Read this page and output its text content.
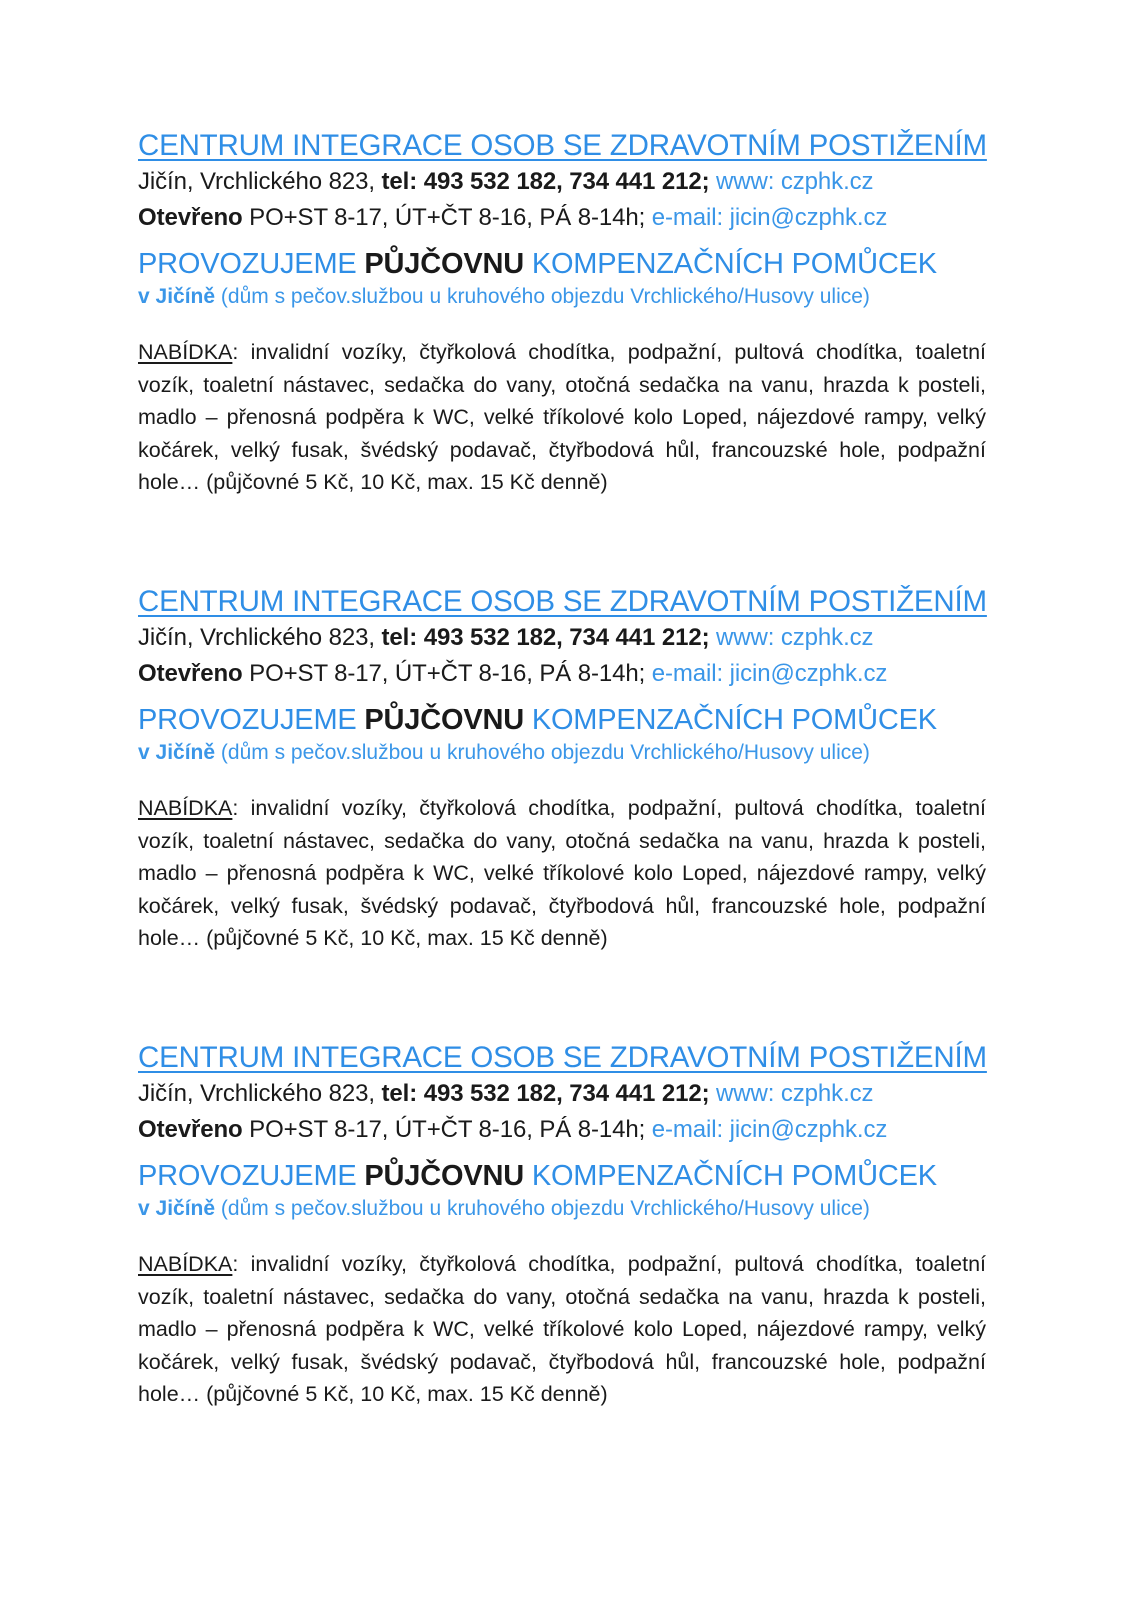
CENTRUM INTEGRACE OSOB SE ZDRAVOTNÍM POSTIŽENÍM
Jičín, Vrchlického 823, tel: 493 532 182, 734 441 212; www: czphk.cz
Otevřeno PO+ST 8-17, ÚT+ČT 8-16, PÁ 8-14h; e-mail: jicin@czphk.cz
PROVOZUJEME PŮJČOVNU KOMPENZAČNÍCH POMŮCEK
v Jičíně (dům s pečov.službou u kruhového objezdu Vrchlického/Husovy ulice)
NABÍDKA: invalidní vozíky, čtyřkolová chodítka, podpažní, pultová chodítka, toaletní vozík, toaletní nástavec, sedačka do vany, otočná sedačka na vanu, hrazda k posteli, madlo – přenosná podpěra k WC, velké tříkolové kolo Loped, nájezdové rampy, velký kočárek, velký fusak, švédský podavač, čtyřbodová hůl, francouzské hole, podpažní hole… (půjčovné 5 Kč, 10 Kč, max. 15 Kč denně)
CENTRUM INTEGRACE OSOB SE ZDRAVOTNÍM POSTIŽENÍM
Jičín, Vrchlického 823, tel: 493 532 182, 734 441 212; www: czphk.cz
Otevřeno PO+ST 8-17, ÚT+ČT 8-16, PÁ 8-14h; e-mail: jicin@czphk.cz
PROVOZUJEME PŮJČOVNU KOMPENZAČNÍCH POMŮCEK
v Jičíně (dům s pečov.službou u kruhového objezdu Vrchlického/Husovy ulice)
NABÍDKA: invalidní vozíky, čtyřkolová chodítka, podpažní, pultová chodítka, toaletní vozík, toaletní nástavec, sedačka do vany, otočná sedačka na vanu, hrazda k posteli, madlo – přenosná podpěra k WC, velké tříkolové kolo Loped, nájezdové rampy, velký kočárek, velký fusak, švédský podavač, čtyřbodová hůl, francouzské hole, podpažní hole… (půjčovné 5 Kč, 10 Kč, max. 15 Kč denně)
CENTRUM INTEGRACE OSOB SE ZDRAVOTNÍM POSTIŽENÍM
Jičín, Vrchlického 823, tel: 493 532 182, 734 441 212; www: czphk.cz
Otevřeno PO+ST 8-17, ÚT+ČT 8-16, PÁ 8-14h; e-mail: jicin@czphk.cz
PROVOZUJEME PŮJČOVNU KOMPENZAČNÍCH POMŮCEK
v Jičíně (dům s pečov.službou u kruhového objezdu Vrchlického/Husovy ulice)
NABÍDKA: invalidní vozíky, čtyřkolová chodítka, podpažní, pultová chodítka, toaletní vozík, toaletní nástavec, sedačka do vany, otočná sedačka na vanu, hrazda k posteli, madlo – přenosná podpěra k WC, velké tříkolové kolo Loped, nájezdové rampy, velký kočárek, velký fusak, švédský podavač, čtyřbodová hůl, francouzské hole, podpažní hole… (půjčovné 5 Kč, 10 Kč, max. 15 Kč denně)
